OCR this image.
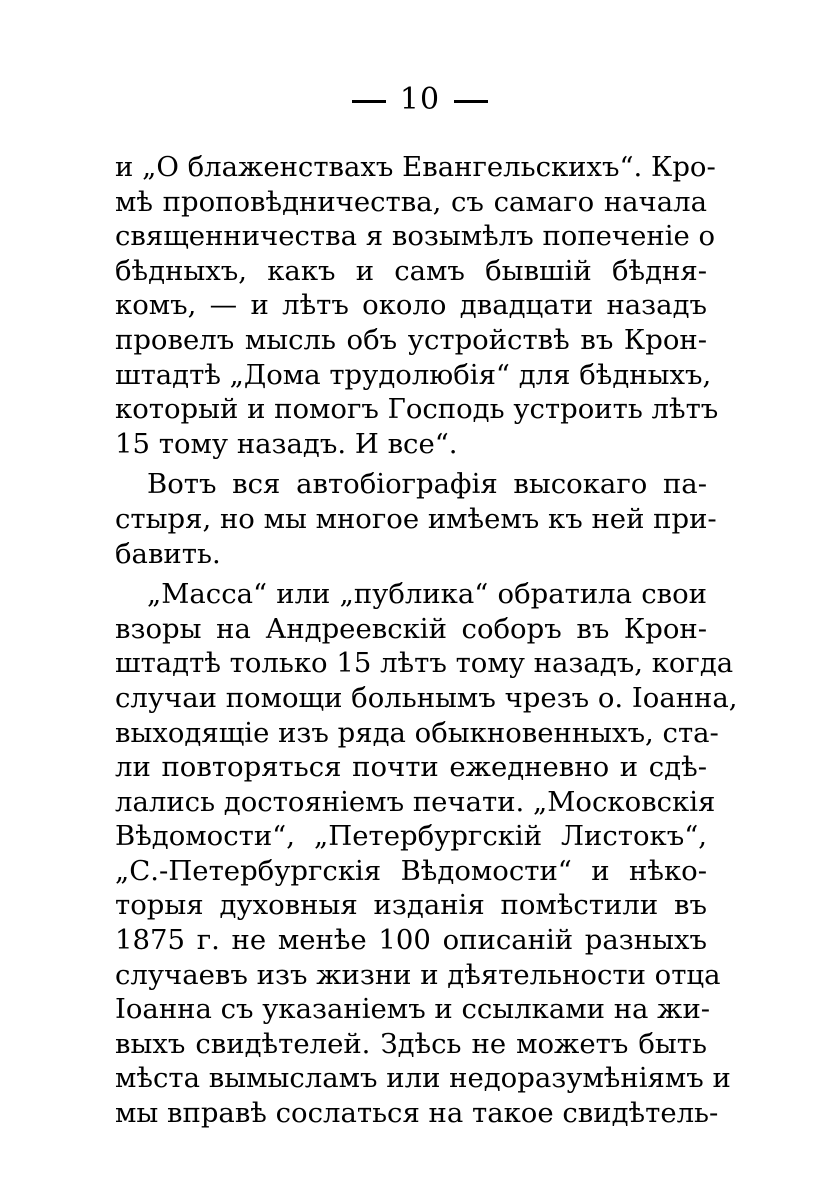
10
и „О блаженствахъ Евангельскихъ“. Кро-
мѣ проповѣдничества, съ самаго начала
священничества я возымѣлъ попеченіе о
бѣдныхъ, какъ и самъ бывшій бѣдня-
комъ, — и лѣтъ около двадцати назадъ
провелъ мысль объ устройствѣ въ Крон-
штадтѣ „Дома трудолюбія“ для бѣдныхъ,
который и помогъ Господь устроить лѣтъ
15 тому назадъ. И все“.
Вотъ вся автобіографія высокаго па-
стыря, но мы многое имѣемъ къ ней при-
бавить.
„Масса“ или „публика“ обратила свои
взоры на Андреевскій соборъ въ Крон-
штадтѣ только 15 лѣтъ тому назадъ, когда
случаи помощи больнымъ чрезъ о. Іоанна,
выходящіе изъ ряда обыкновенныхъ, ста-
ли повторяться почти ежедневно и сдѣ-
лались достояніемъ печати. „Московскія
Вѣдомости“, „Петербургскій Листокъ“,
„С.-Петербургскія Вѣдомости“ и нѣко-
торыя духовныя изданія помѣстили въ
1875 г. не менѣе 100 описаній разныхъ
случаевъ изъ жизни и дѣятельности отца
Іоанна съ указаніемъ и ссылками на жи-
выхъ свидѣтелей. Здѣсь не можетъ быть
мѣста вымысламъ или недоразумѣніямъ и
мы вправѣ сослаться на такое свидѣтель-
